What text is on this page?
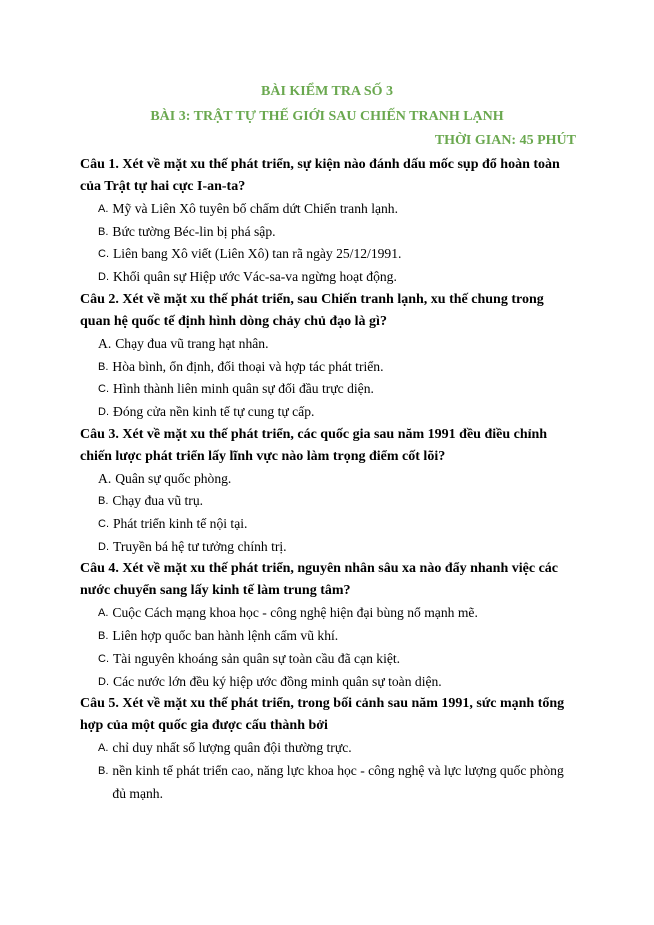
BÀI KIỂM TRA SỐ 3
BÀI 3: TRẬT TỰ THẾ GIỚI SAU CHIẾN TRANH LẠNH
THỜI GIAN: 45 PHÚT

Câu 1. Xét về mặt xu thế phát triển, sự kiện nào đánh dấu mốc sụp đổ hoàn toàn của Trật tự hai cực I-an-ta?

A. Mỹ và Liên Xô tuyên bố chấm dứt Chiến tranh lạnh.
B. Bức tường Béc-lin bị phá sập.
C. Liên bang Xô viết (Liên Xô) tan rã ngày 25/12/1991.
D. Khối quân sự Hiệp ước Vác-sa-va ngừng hoạt động.

Câu 2. Xét về mặt xu thế phát triển, sau Chiến tranh lạnh, xu thế chung trong quan hệ quốc tế định hình dòng chảy chủ đạo là gì?

A. Chạy đua vũ trang hạt nhân.
B. Hòa bình, ổn định, đối thoại và hợp tác phát triển.
C. Hình thành liên minh quân sự đối đầu trực diện.
D. Đóng cửa nền kinh tế tự cung tự cấp.

Câu 3. Xét về mặt xu thế phát triển, các quốc gia sau năm 1991 đều điều chỉnh chiến lược phát triển lấy lĩnh vực nào làm trọng điểm cốt lõi?

A. Quân sự quốc phòng.
B. Chạy đua vũ trụ.
C. Phát triển kinh tế nội tại.
D. Truyền bá hệ tư tưởng chính trị.

Câu 4. Xét về mặt xu thế phát triển, nguyên nhân sâu xa nào đẩy nhanh việc các nước chuyển sang lấy kinh tế làm trung tâm?

A. Cuộc Cách mạng khoa học - công nghệ hiện đại bùng nổ mạnh mẽ.
B. Liên hợp quốc ban hành lệnh cấm vũ khí.
C. Tài nguyên khoáng sản quân sự toàn cầu đã cạn kiệt.
D. Các nước lớn đều ký hiệp ước đồng minh quân sự toàn diện.

Câu 5. Xét về mặt xu thế phát triển, trong bối cảnh sau năm 1991, sức mạnh tổng hợp của một quốc gia được cấu thành bởi

A. chỉ duy nhất số lượng quân đội thường trực.
B. nền kinh tế phát triển cao, năng lực khoa học - công nghệ và lực lượng quốc phòng đủ mạnh.
